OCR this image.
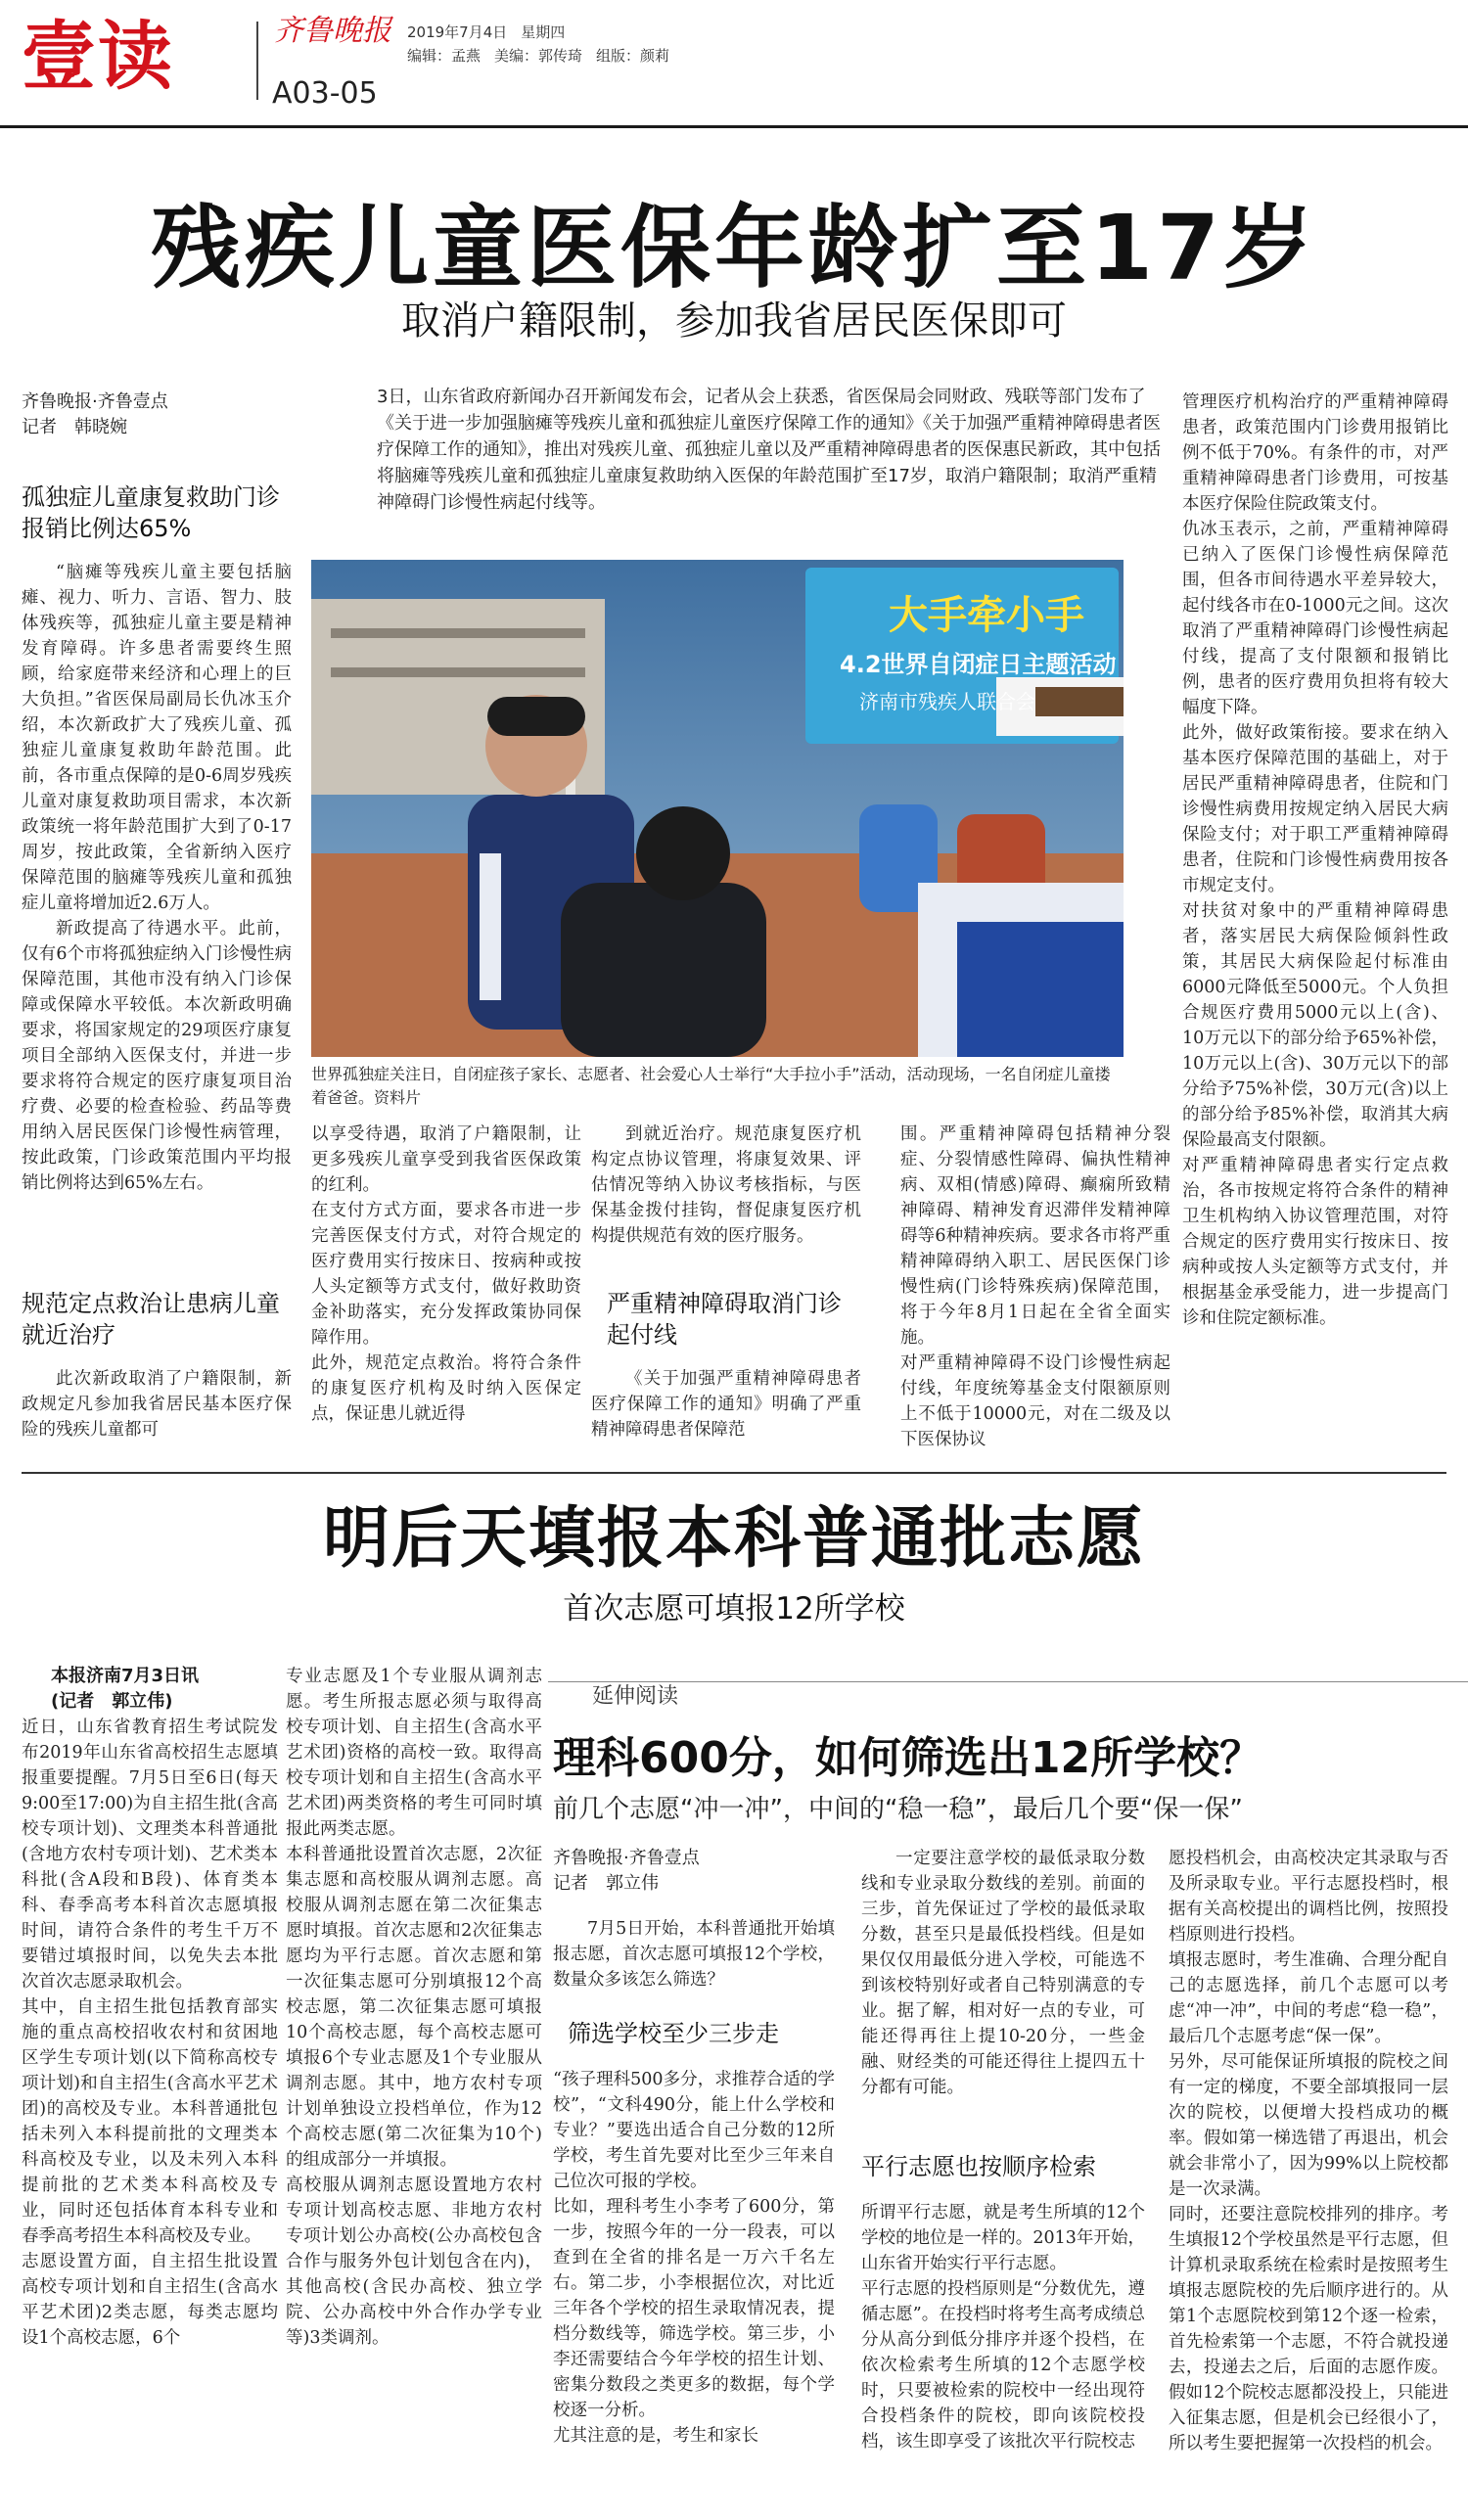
壹读	齐鲁晚报
A03-05
2019年7月4日 星期四
编辑：孟燕 美编：郭传琦 组版：颜莉
残疾儿童医保年龄扩至17岁
取消户籍限制，参加我省居民医保即可
齐鲁晚报·齐鲁壹点
记者　韩晓婉
3日，山东省政府新闻办召开新闻发布会，记者从会上获悉，省医保局会同财政、残联等部门发布了《关于进一步加强脑瘫等残疾儿童和孤独症儿童医疗保障工作的通知》《关于加强严重精神障碍患者医疗保障工作的通知》，推出对残疾儿童、孤独症儿童以及严重精神障碍患者的医保惠民新政，其中包括将脑瘫等残疾儿童和孤独症儿童康复救助纳入医保的年龄范围扩至17岁，取消户籍限制；取消严重精神障碍门诊慢性病起付线等。
孤独症儿童康复救助门诊报销比例达65%

“脑瘫等残疾儿童主要包括脑瘫、视力、听力、言语、智力、肢体残疾等，孤独症儿童主要是精神发育障碍。许多患者需要终生照顾，给家庭带来经济和心理上的巨大负担。”省医保局副局长仇冰玉介绍，本次新政扩大了残疾儿童、孤独症儿童康复救助年龄范围。此前，各市重点保障的是0-6周岁残疾儿童对康复救助项目需求，本次新政策统一将年龄范围扩大到了0-17周岁，按此政策，全省新纳入医疗保障范围的脑瘫等残疾儿童和孤独症儿童将增加近2.6万人。

新政提高了待遇水平。此前，仅有6个市将孤独症纳入门诊慢性病保障范围，其他市没有纳入门诊保障或保障水平较低。本次新政明确要求，将国家规定的29项医疗康复项目全部纳入医保支付，并进一步要求将符合规定的医疗康复项目治疗费、必要的检查检验、药品等费用纳入居民医保门诊慢性病管理，按此政策，门诊政策范围内平均报销比例将达到65%左右。

规范定点救治让患病儿童就近治疗

此次新政取消了户籍限制，新政规定凡参加我省居民基本医疗保险的残疾儿童都可

大手牵小手
4.2世界自闭症日主题活动
济南市残疾人联合会
世界孤独症关注日，自闭症孩子家长、志愿者、社会爱心人士举行“大手拉小手”活动，活动现场，一名自闭症儿童搂着爸爸。资料片
以享受待遇，取消了户籍限制，让更多残疾儿童享受到我省医保政策的红利。
在支付方式方面，要求各市进一步完善医保支付方式，对符合规定的医疗费用实行按床日、按病种或按人头定额等方式支付，做好救助资金补助落实，充分发挥政策协同保障作用。
此外，规范定点救治。将符合条件的康复医疗机构及时纳入医保定点，保证患儿就近得

到就近治疗。规范康复医疗机构定点协议管理，将康复效果、评估情况等纳入协议考核指标，与医保基金拨付挂钩，督促康复医疗机构提供规范有效的医疗服务。

严重精神障碍取消门诊起付线

《关于加强严重精神障碍患者医疗保障工作的通知》明确了严重精神障碍患者保障范

围。严重精神障碍包括精神分裂症、分裂情感性障碍、偏执性精神病、双相(情感)障碍、癫痫所致精神障碍、精神发育迟滞伴发精神障碍等6种精神疾病。要求各市将严重精神障碍纳入职工、居民医保门诊慢性病(门诊特殊疾病)保障范围，将于今年8月1日起在全省全面实施。
对严重精神障碍不设门诊慢性病起付线，年度统筹基金支付限额原则上不低于10000元，对在二级及以下医保协议
管理医疗机构治疗的严重精神障碍患者，政策范围内门诊费用报销比例不低于70%。有条件的市，对严重精神障碍患者门诊费用，可按基本医疗保险住院政策支付。
仇冰玉表示，之前，严重精神障碍已纳入了医保门诊慢性病保障范围，但各市间待遇水平差异较大，起付线各市在0-1000元之间。这次取消了严重精神障碍门诊慢性病起付线，提高了支付限额和报销比例，患者的医疗费用负担将有较大幅度下降。
此外，做好政策衔接。要求在纳入基本医疗保障范围的基础上，对于居民严重精神障碍患者，住院和门诊慢性病费用按规定纳入居民大病保险支付；对于职工严重精神障碍患者，住院和门诊慢性病费用按各市规定支付。
对扶贫对象中的严重精神障碍患者，落实居民大病保险倾斜性政策，其居民大病保险起付标准由6000元降低至5000元。个人负担合规医疗费用5000元以上(含)、10万元以下的部分给予65%补偿，10万元以上(含)、30万元以下的部分给予75%补偿，30万元(含)以上的部分给予85%补偿，取消其大病保险最高支付限额。
对严重精神障碍患者实行定点救治，各市按规定将符合条件的精神卫生机构纳入协议管理范围，对符合规定的医疗费用实行按床日、按病种或按人头定额等方式支付，并根据基金承受能力，进一步提高门诊和住院定额标准。
明后天填报本科普通批志愿
首次志愿可填报12所学校
本报济南7月3日讯
(记者　郭立伟)
近日，山东省教育招生考试院发布2019年山东省高校招生志愿填报重要提醒。7月5日至6日(每天9:00至17:00)为自主招生批(含高校专项计划)、文理类本科普通批(含地方农村专项计划)、艺术类本科批(含A段和B段)、体育类本科、春季高考本科首次志愿填报时间，请符合条件的考生千万不要错过填报时间，以免失去本批次首次志愿录取机会。
其中，自主招生批包括教育部实施的重点高校招收农村和贫困地区学生专项计划(以下简称高校专项计划)和自主招生(含高水平艺术团)的高校及专业。本科普通批包括未列入本科提前批的文理类本科高校及专业，以及未列入本科提前批的艺术类本科高校及专业，同时还包括体育本科专业和春季高考招生本科高校及专业。
志愿设置方面，自主招生批设置高校专项计划和自主招生(含高水平艺术团)2类志愿，每类志愿均设1个高校志愿，6个
专业志愿及1个专业服从调剂志愿。考生所报志愿必须与取得高校专项计划、自主招生(含高水平艺术团)资格的高校一致。取得高校专项计划和自主招生(含高水平艺术团)两类资格的考生可同时填报此两类志愿。
本科普通批设置首次志愿，2次征集志愿和高校服从调剂志愿。高校服从调剂志愿在第二次征集志愿时填报。首次志愿和2次征集志愿均为平行志愿。首次志愿和第一次征集志愿可分别填报12个高校志愿，第二次征集志愿可填报10个高校志愿，每个高校志愿可填报6个专业志愿及1个专业服从调剂志愿。其中，地方农村专项计划单独设立投档单位，作为12个高校志愿(第二次征集为10个)的组成部分一并填报。
高校服从调剂志愿设置地方农村专项计划高校志愿、非地方农村专项计划公办高校(公办高校包含合作与服务外包计划包含在内)，其他高校(含民办高校、独立学院、公办高校中外合作办学专业等)3类调剂。
延伸阅读
理科600分，如何筛选出12所学校？
前几个志愿“冲一冲”，中间的“稳一稳”，最后几个要“保一保”
齐鲁晚报·齐鲁壹点
记者　郭立伟

7月5日开始，本科普通批开始填报志愿，首次志愿可填报12个学校，数量众多该怎么筛选？

筛选学校至少三步走
“孩子理科500多分，求推荐合适的学校”，“文科490分，能上什么学校和专业？”要选出适合自己分数的12所学校，考生首先要对比至少三年来自己位次可报的学校。
比如，理科考生小李考了600分，第一步，按照今年的一分一段表，可以查到在全省的排名是一万六千名左右。第二步，小李根据位次，对比近三年各个学校的招生录取情况表，提档分数线等，筛选学校。第三步，小李还需要结合今年学校的招生计划、密集分数段之类更多的数据，每个学校逐一分析。
尤其注意的是，考生和家长

一定要注意学校的最低录取分数线和专业录取分数线的差别。前面的三步，首先保证过了学校的最低录取分数，甚至只是最低投档线。但是如果仅仅用最低分进入学校，可能选不到该校特别好或者自己特别满意的专业。据了解，相对好一点的专业，可能还得再往上提10-20分，一些金融、财经类的可能还得往上提四五十分都有可能。

平行志愿也按顺序检索
所谓平行志愿，就是考生所填的12个学校的地位是一样的。2013年开始，山东省开始实行平行志愿。
平行志愿的投档原则是“分数优先，遵循志愿”。在投档时将考生高考成绩总分从高分到低分排序并逐个投档，在依次检索考生所填的12个志愿学校时，只要被检索的院校中一经出现符合投档条件的院校，即向该院校投档，该生即享受了该批次平行院校志
愿投档机会，由高校决定其录取与否及所录取专业。平行志愿投档时，根据有关高校提出的调档比例，按照投档原则进行投档。
填报志愿时，考生准确、合理分配自己的志愿选择，前几个志愿可以考虑“冲一冲”，中间的考虑“稳一稳”，最后几个志愿考虑“保一保”。
另外，尽可能保证所填报的院校之间有一定的梯度，不要全部填报同一层次的院校，以便增大投档成功的概率。假如第一梯选错了再退出，机会就会非常小了，因为99%以上院校都是一次录满。
同时，还要注意院校排列的排序。考生填报12个学校虽然是平行志愿，但计算机录取系统在检索时是按照考生填报志愿院校的先后顺序进行的。从第1个志愿院校到第12个逐一检索，首先检索第一个志愿，不符合就投递去，投递去之后，后面的志愿作废。假如12个院校志愿都没投上，只能进入征集志愿，但是机会已经很小了，所以考生要把握第一次投档的机会。
